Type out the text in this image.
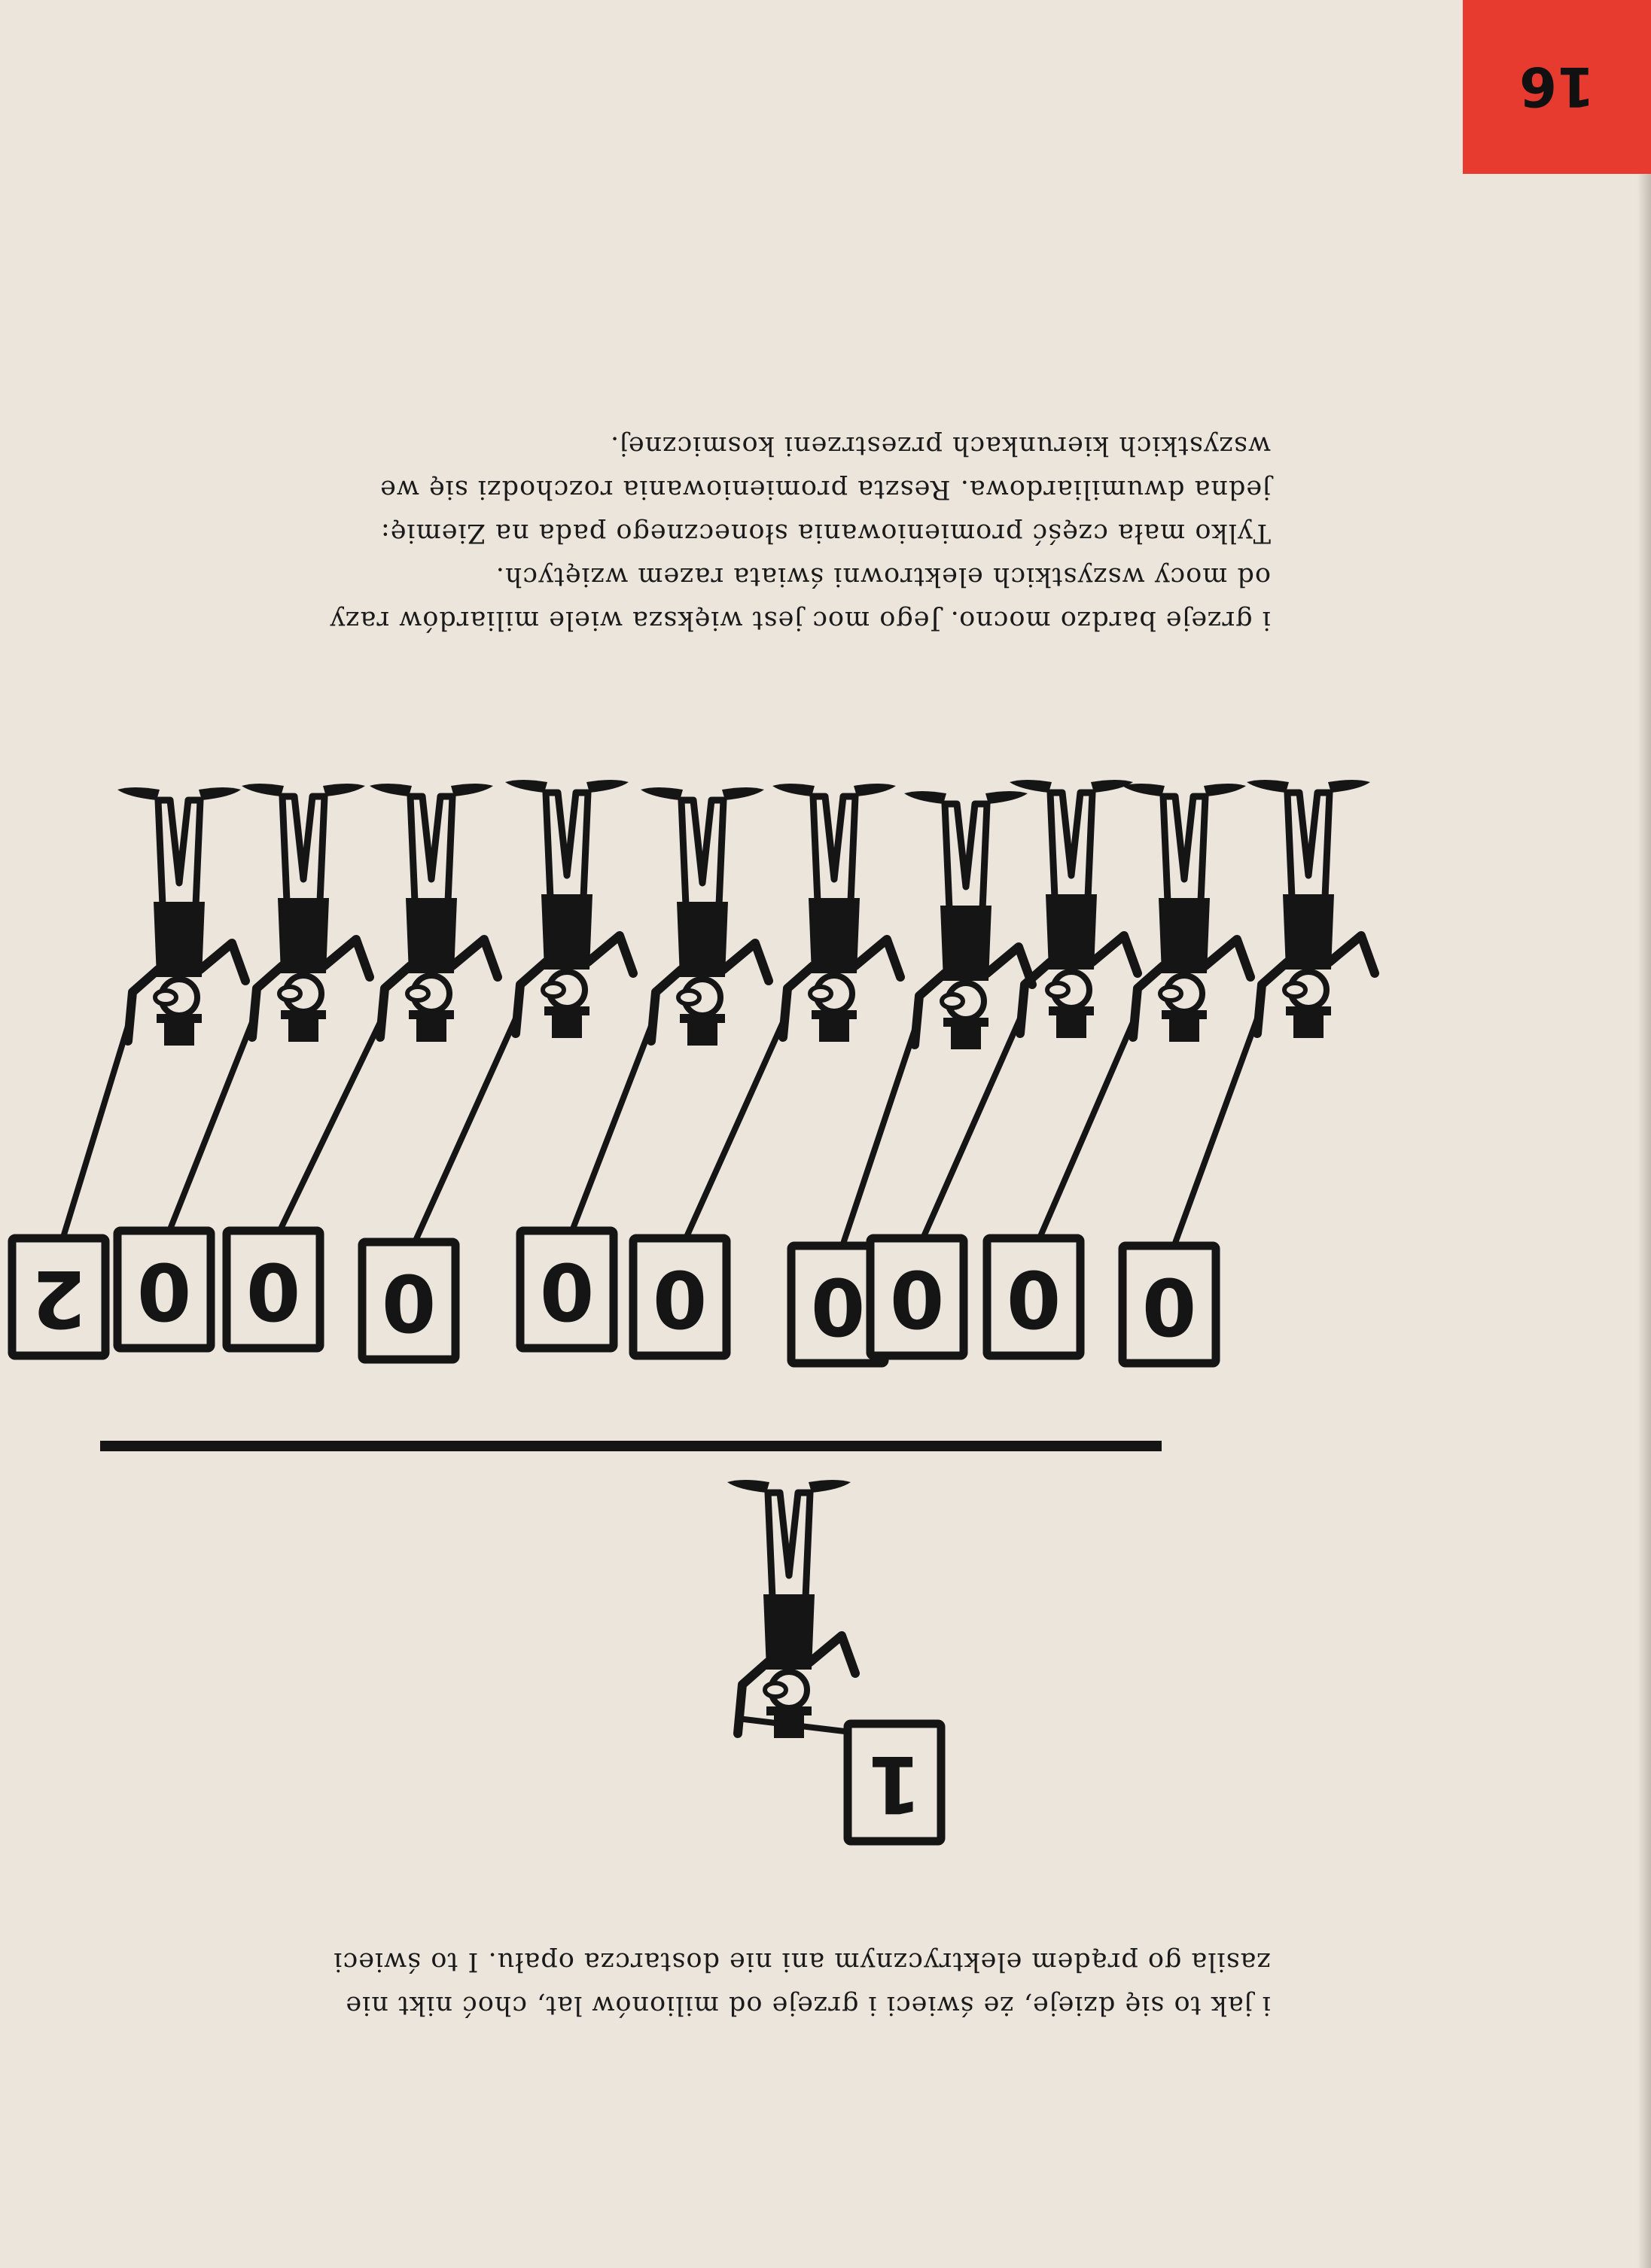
16
i jak to się dzieje, że świeci i grzeje od milionów lat, choć nikt nie
zasila go prądem elektrycznym ani nie dostarcza opału. I to świeci
1
2 0 0 0 0 0 0 0 0 0
i grzeje bardzo mocno. Jego moc jest większa wiele miliardów razy
od mocy wszystkich elektrowni świata razem wziętych.
Tylko mała część promieniowania słonecznego pada na Ziemię:
jedna dwumiliardowa. Reszta promieniowania rozchodzi się we
wszystkich kierunkach przestrzeni kosmicznej.
